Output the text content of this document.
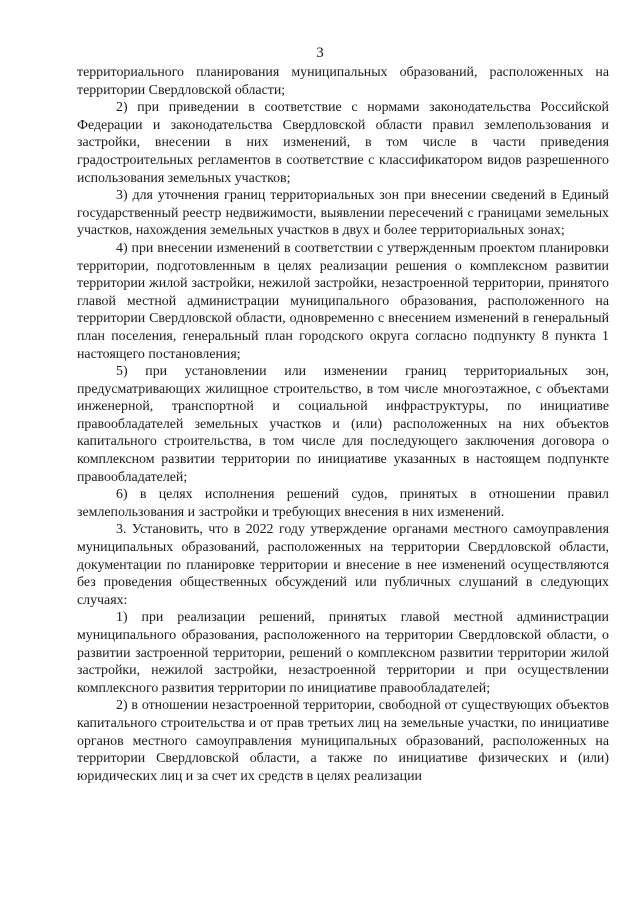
3

территориального планирования муниципальных образований, расположенных на территории Свердловской области;

2) при приведении в соответствие с нормами законодательства Российской Федерации и законодательства Свердловской области правил землепользования и застройки, внесении в них изменений, в том числе в части приведения градостроительных регламентов в соответствие с классификатором видов разрешенного использования земельных участков;

3) для уточнения границ территориальных зон при внесении сведений в Единый государственный реестр недвижимости, выявлении пересечений с границами земельных участков, нахождения земельных участков в двух и более территориальных зонах;

4) при внесении изменений в соответствии с утвержденным проектом планировки территории, подготовленным в целях реализации решения о комплексном развитии территории жилой застройки, нежилой застройки, незастроенной территории, принятого главой местной администрации муниципального образования, расположенного на территории Свердловской области, одновременно с внесением изменений в генеральный план поселения, генеральный план городского округа согласно подпункту 8 пункта 1 настоящего постановления;

5) при установлении или изменении границ территориальных зон, предусматривающих жилищное строительство, в том числе многоэтажное, с объектами инженерной, транспортной и социальной инфраструктуры, по инициативе правообладателей земельных участков и (или) расположенных на них объектов капитального строительства, в том числе для последующего заключения договора о комплексном развитии территории по инициативе указанных в настоящем подпункте правообладателей;

6) в целях исполнения решений судов, принятых в отношении правил землепользования и застройки и требующих внесения в них изменений.

3. Установить, что в 2022 году утверждение органами местного самоуправления муниципальных образований, расположенных на территории Свердловской области, документации по планировке территории и внесение в нее изменений осуществляются без проведения общественных обсуждений или публичных слушаний в следующих случаях:

1) при реализации решений, принятых главой местной администрации муниципального образования, расположенного на территории Свердловской области, о развитии застроенной территории, решений о комплексном развитии территории жилой застройки, нежилой застройки, незастроенной территории и при осуществлении комплексного развития территории по инициативе правообладателей;

2) в отношении незастроенной территории, свободной от существующих объектов капитального строительства и от прав третьих лиц на земельные участки, по инициативе органов местного самоуправления муниципальных образований, расположенных на территории Свердловской области, а также по инициативе физических и (или) юридических лиц и за счет их средств в целях реализации
